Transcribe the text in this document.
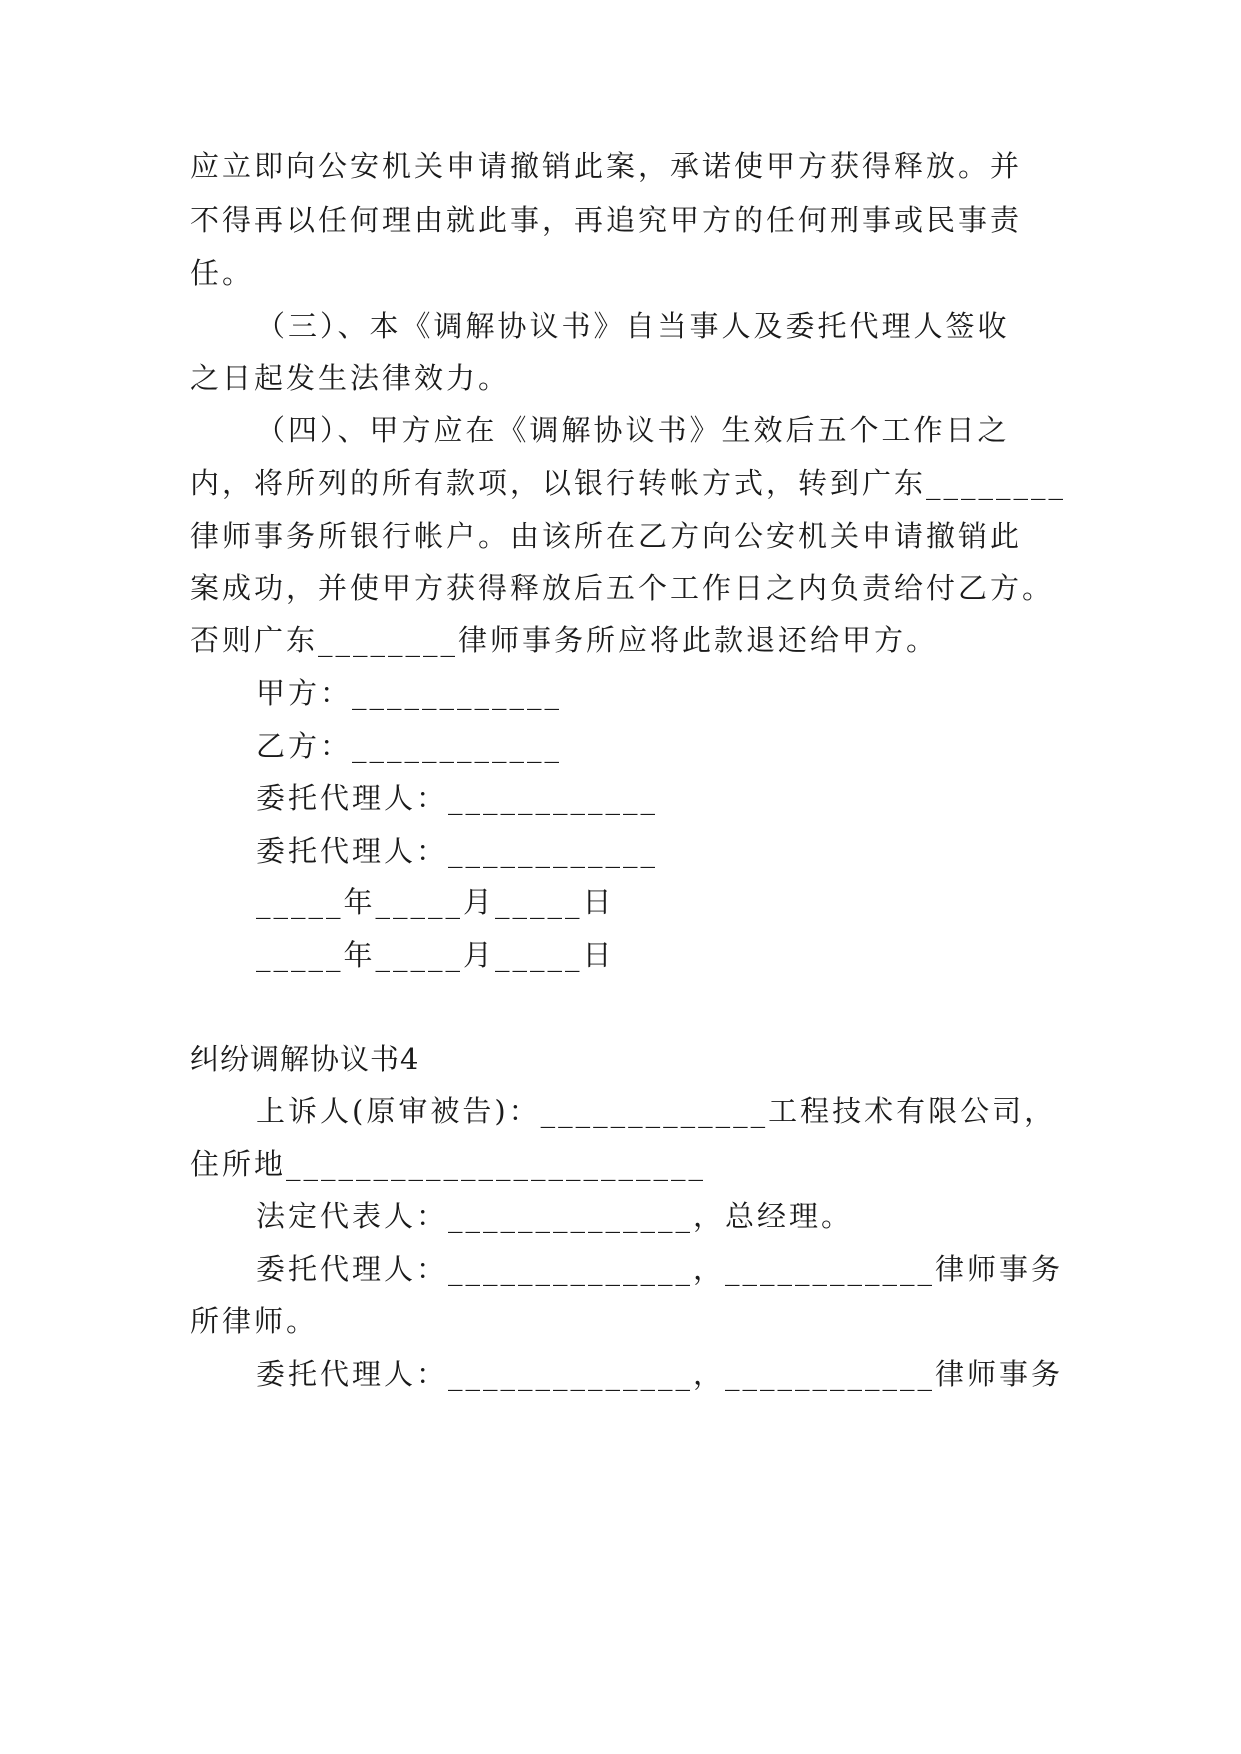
应立即向公安机关申请撤销此案，承诺使甲方获得释放。并
不得再以任何理由就此事，再追究甲方的任何刑事或民事责
任。
（三）、本《调解协议书》自当事人及委托代理人签收
之日起发生法律效力。
（四）、甲方应在《调解协议书》生效后五个工作日之
内，将所列的所有款项，以银行转帐方式，转到广东________
律师事务所银行帐户。由该所在乙方向公安机关申请撤销此
案成功，并使甲方获得释放后五个工作日之内负责给付乙方。
否则广东________律师事务所应将此款退还给甲方。
甲方：____________
乙方：____________
委托代理人：____________
委托代理人：____________
_____年_____月_____日
_____年_____月_____日
纠纷调解协议书4
上诉人(原审被告)：_____________工程技术有限公司，
住所地________________________
法定代表人：______________，总经理。
委托代理人：______________，____________律师事务
所律师。
委托代理人：______________，____________律师事务
